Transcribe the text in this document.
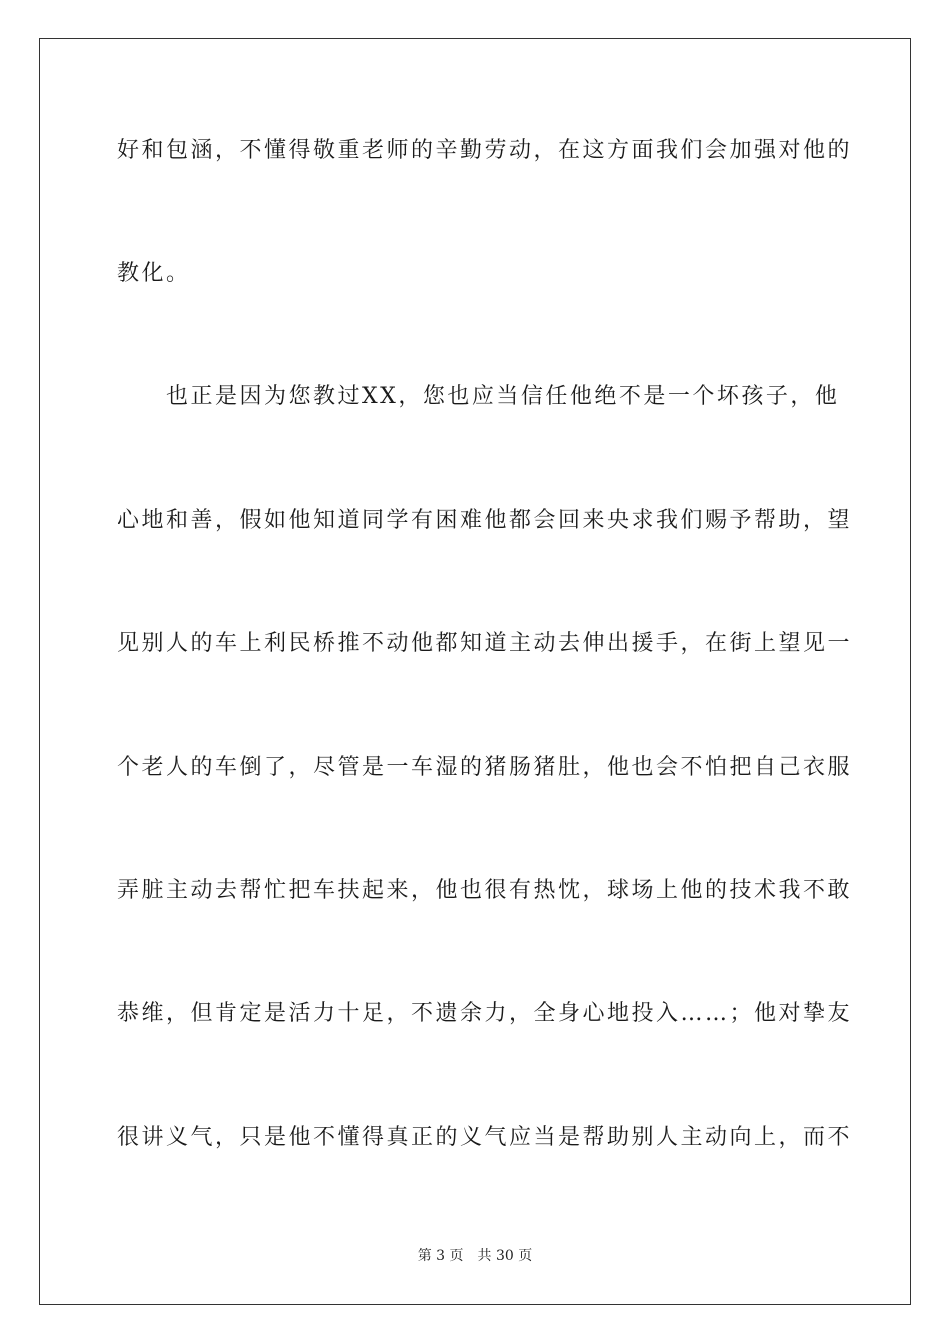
好和包涵，不懂得敬重老师的辛勤劳动，在这方面我们会加强对他的
教化。
　　也正是因为您教过XX，您也应当信任他绝不是一个坏孩子，他
心地和善，假如他知道同学有困难他都会回来央求我们赐予帮助，望
见别人的车上利民桥推不动他都知道主动去伸出援手，在街上望见一
个老人的车倒了，尽管是一车湿的猪肠猪肚，他也会不怕把自己衣服
弄脏主动去帮忙把车扶起来，他也很有热忱，球场上他的技术我不敢
恭维，但肯定是活力十足，不遗余力，全身心地投入……；他对挚友
很讲义气，只是他不懂得真正的义气应当是帮助别人主动向上，而不
第 3 页 共 30 页
